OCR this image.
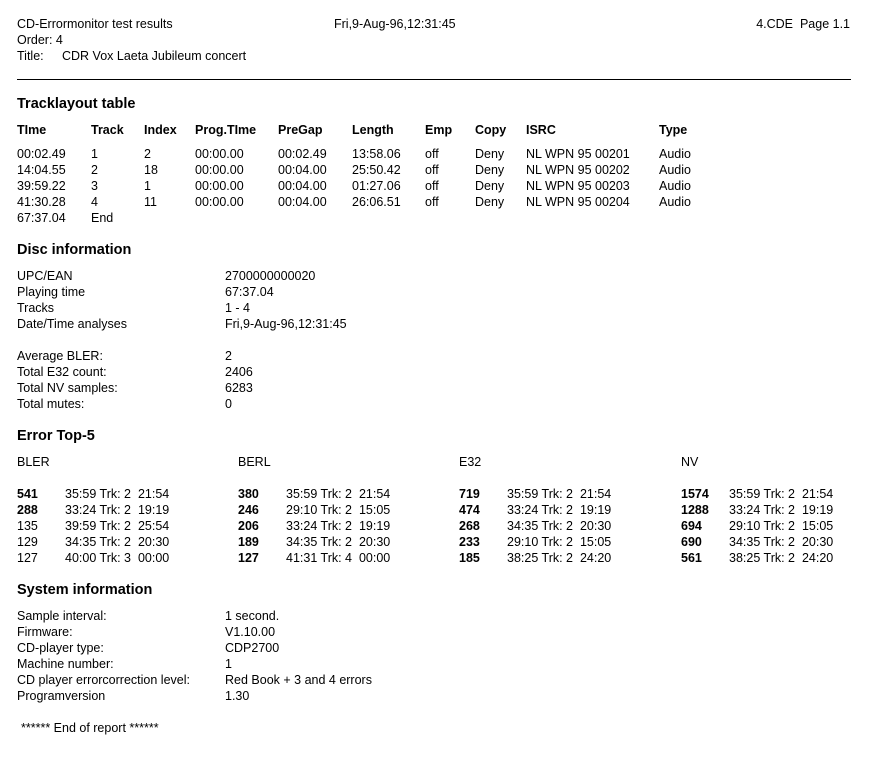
CD-Errormonitor test results	Fri,9-Aug-96,12:31:45	4.CDE  Page 1.1
Order: 4
Title: CDR Vox Laeta Jubileum concert
Tracklayout table
TIme	Track Index Prog.TIme PreGap Length	Emp Copy ISRC	Type
00:02.49 1	2	00:00.00	00:02.49 13:58.06 off	Deny NL WPN 95 00201 Audio
14:04.55 2	18	00:00.00	00:04.00 25:50.42 off	Deny NL WPN 95 00202 Audio
39:59.22 3	1	00:00.00	00:04.00 01:27.06 off	Deny NL WPN 95 00203 Audio
41:30.28 4	11	00:00.00	00:04.00 26:06.51 off	Deny NL WPN 95 00204 Audio
67:37.04 End
Disc information
UPC/EAN	2700000000020
Playing time	67:37.04
Tracks	1 - 4
Date/Time analyses	Fri,9-Aug-96,12:31:45
Average BLER:	2
Total E32 count:	2406
Total NV samples:	6283
Total mutes:	0
Error Top-5
BLER
541 35:59 Trk: 2  21:54
288 33:24 Trk: 2  19:19
135 39:59 Trk: 2  25:54
129 34:35 Trk: 2  20:30
127 40:00 Trk: 3  00:00
BERL
380 35:59 Trk: 2  21:54
246 29:10 Trk: 2  15:05
206 33:24 Trk: 2  19:19
189 34:35 Trk: 2  20:30
127 41:31 Trk: 4  00:00
E32
719 35:59 Trk: 2  21:54
474 33:24 Trk: 2  19:19
268 34:35 Trk: 2  20:30
233 29:10 Trk: 2  15:05
185 38:25 Trk: 2  24:20
NV
1574 35:59 Trk: 2  21:54
1288 33:24 Trk: 2  19:19
694 29:10 Trk: 2  15:05
690 34:35 Trk: 2  20:30
561 38:25 Trk: 2  24:20
System information
Sample interval:	1 second.
Firmware:	V1.10.00
CD-player type:	CDP2700
Machine number:	1
CD player errorcorrection level:	Red Book + 3 and 4 errors
Programversion	1.30
****** End of report ******
